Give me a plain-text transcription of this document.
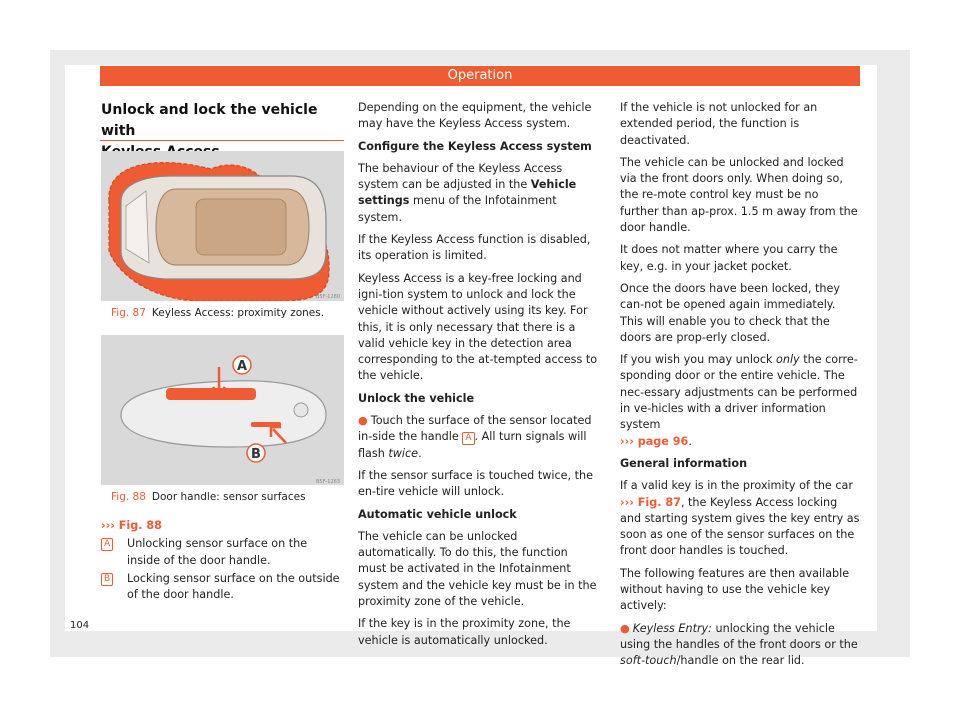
Operation
Unlock and lock the vehicle with
B5F-1280
Fig. 87 Keyless Access: proximity zones.
A
B
B5F-1263
Fig. 88 Door handle: sensor surfaces
››› Fig. 88
A Unlocking sensor surface on the inside of the door handle.
B Locking sensor surface on the outside of the door handle.

Depending on the equipment, the vehicle may have the Keyless Access system.

Configure the Keyless Access system

The behaviour of the Keyless Access system can be adjusted in the Vehicle settings menu of the Infotainment system.

If the Keyless Access function is disabled, its operation is limited.

Keyless Access is a key-free locking and igni-tion system to unlock and lock the vehicle without actively using its key. For this, it is only necessary that there is a valid vehicle key in the detection area corresponding to the at-tempted access to the vehicle.

Unlock the vehicle

● Touch the surface of the sensor located in-side the handle A . All turn signals will flash twice.

If the sensor surface is touched twice, the en-tire vehicle will unlock.

Automatic vehicle unlock

The vehicle can be unlocked automatically. To do this, the function must be activated in the Infotainment system and the vehicle key must be in the proximity zone of the vehicle.

If the key is in the proximity zone, the vehicle is automatically unlocked.

If the vehicle is not unlocked for an extended period, the function is deactivated.

The vehicle can be unlocked and locked via the front doors only. When doing so, the re-mote control key must be no further than ap-prox. 1.5 m away from the door handle.

It does not matter where you carry the key, e.g. in your jacket pocket.

Once the doors have been locked, they can-not be opened again immediately. This will enable you to check that the doors are prop-erly closed.

If you wish you may unlock only the corre-sponding door or the entire vehicle. The nec-essary adjustments can be performed in ve-hicles with a driver information system
››› page 96.

General information

If a valid key is in the proximity of the car
››› Fig. 87, the Keyless Access locking and starting system gives the key entry as soon as one of the sensor surfaces on the front door handles is touched.

The following features are then available without having to use the vehicle key actively:

● Keyless Entry: unlocking the vehicle using the handles of the front doors or the soft-touch/handle on the rear lid.

104
